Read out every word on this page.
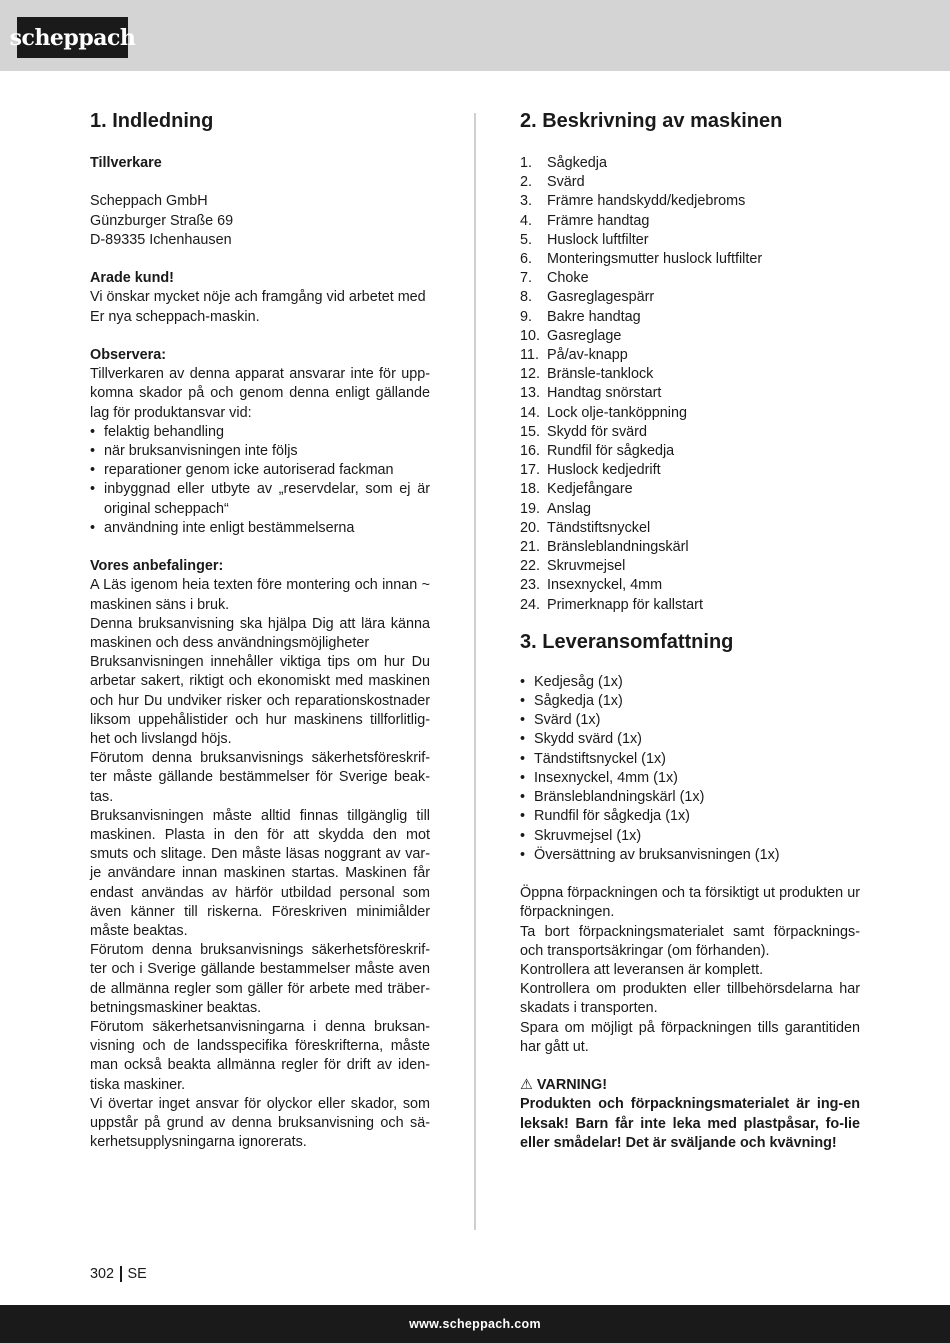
scheppach
1. Indledning

Tillverkare

Scheppach GmbH

Günzburger Straße 69

D-89335 Ichenhausen

Arade kund!

Vi önskar mycket nöje ach framgång vid arbetet med Er nya scheppach-maskin.

Observera:

Tillverkaren av denna apparat ansvarar inte för upp-komna skador på och genom denna enligt gällande lag för produktansvar vid:

• felaktig behandling
• när bruksanvisningen inte följs
• reparationer genom icke autoriserad fackman
• inbyggnad eller utbyte av „reservdelar, som ej är original scheppach“
• användning inte enligt bestämmelserna

Vores anbefalinger:

A Läs igenom heia texten före montering och innan ~ maskinen säns i bruk.

Denna bruksanvisning ska hjälpa Dig att lära känna maskinen och dess användningsmöjligheter

Bruksanvisningen innehåller viktiga tips om hur Du arbetar sakert, riktigt och ekonomiskt med maskinen och hur Du undviker risker och reparationskostnader liksom uppehålistider och hur maskinens tillforlitlig-het och livslangd höjs.

Förutom denna bruksanvisnings säkerhetsföreskrif-ter måste gällande bestämmelser för Sverige beak-tas.

Bruksanvisningen måste alltid finnas tillgänglig till maskinen. Plasta in den för att skydda den mot smuts och slitage. Den måste läsas noggrant av var-je användare innan maskinen startas. Maskinen får endast användas av härför utbildad personal som även känner till riskerna. Föreskriven minimiålder måste beaktas.

Förutom denna bruksanvisnings säkerhetsföreskrif-ter och i Sverige gällande bestammelser måste aven de allmänna regler som gäller för arbete med träber-betningsmaskiner beaktas.

Förutom säkerhetsanvisningarna i denna bruksan-visning och de landsspecifika föreskrifterna, måste man också beakta allmänna regler för drift av iden-tiska maskiner.

Vi övertar inget ansvar för olyckor eller skador, som uppstår på grund av denna bruksanvisning och sä-kerhetsupplysningarna ignorerats.

2. Beskrivning av maskinen
1.	Sågkedja
2.	Svärd
3.	Främre handskydd/kedjebroms
4.	Främre handtag
5.	Huslock luftfilter
6.	Monteringsmutter huslock luftfilter
7.	Choke
8.	Gasreglagespärr
9.	Bakre handtag
10. Gasreglage
11. På/av-knapp
12. Bränsle-tanklock
13. Handtag snörstart
14. Lock olje-tanköppning
15. Skydd för svärd
16. Rundfil för sågkedja
17. Huslock kedjedrift
18. Kedjefångare
19. Anslag
20. Tändstiftsnyckel
21. Bränsleblandningskärl
22. Skruvmejsel
23. Insexnyckel, 4mm
24. Primerknapp för kallstart
3. Leveransomfattning
• Kedjesåg (1x)
• Sågkedja (1x)
• Svärd (1x)
• Skydd svärd (1x)
• Tändstiftsnyckel (1x)
• Insexnyckel, 4mm (1x)
• Bränsleblandningskärl (1x)
• Rundfil för sågkedja (1x)
• Skruvmejsel (1x)
• Översättning av bruksanvisningen (1x)

Öppna förpackningen och ta försiktigt ut produkten ur förpackningen.

Ta bort förpackningsmaterialet samt förpacknings-och transportsäkringar (om förhanden).

Kontrollera att leveransen är komplett.

Kontrollera om produkten eller tillbehörsdelarna har skadats i transporten.

Spara om möjligt på förpackningen tills garantitiden har gått ut.

⚠ VARNING!

Produkten och förpackningsmaterialet är ing-en leksak! Barn får inte leka med plastpåsar, fo-lie eller smådelar! Det är sväljande och kvävning!

302 SE
www.scheppach.com
